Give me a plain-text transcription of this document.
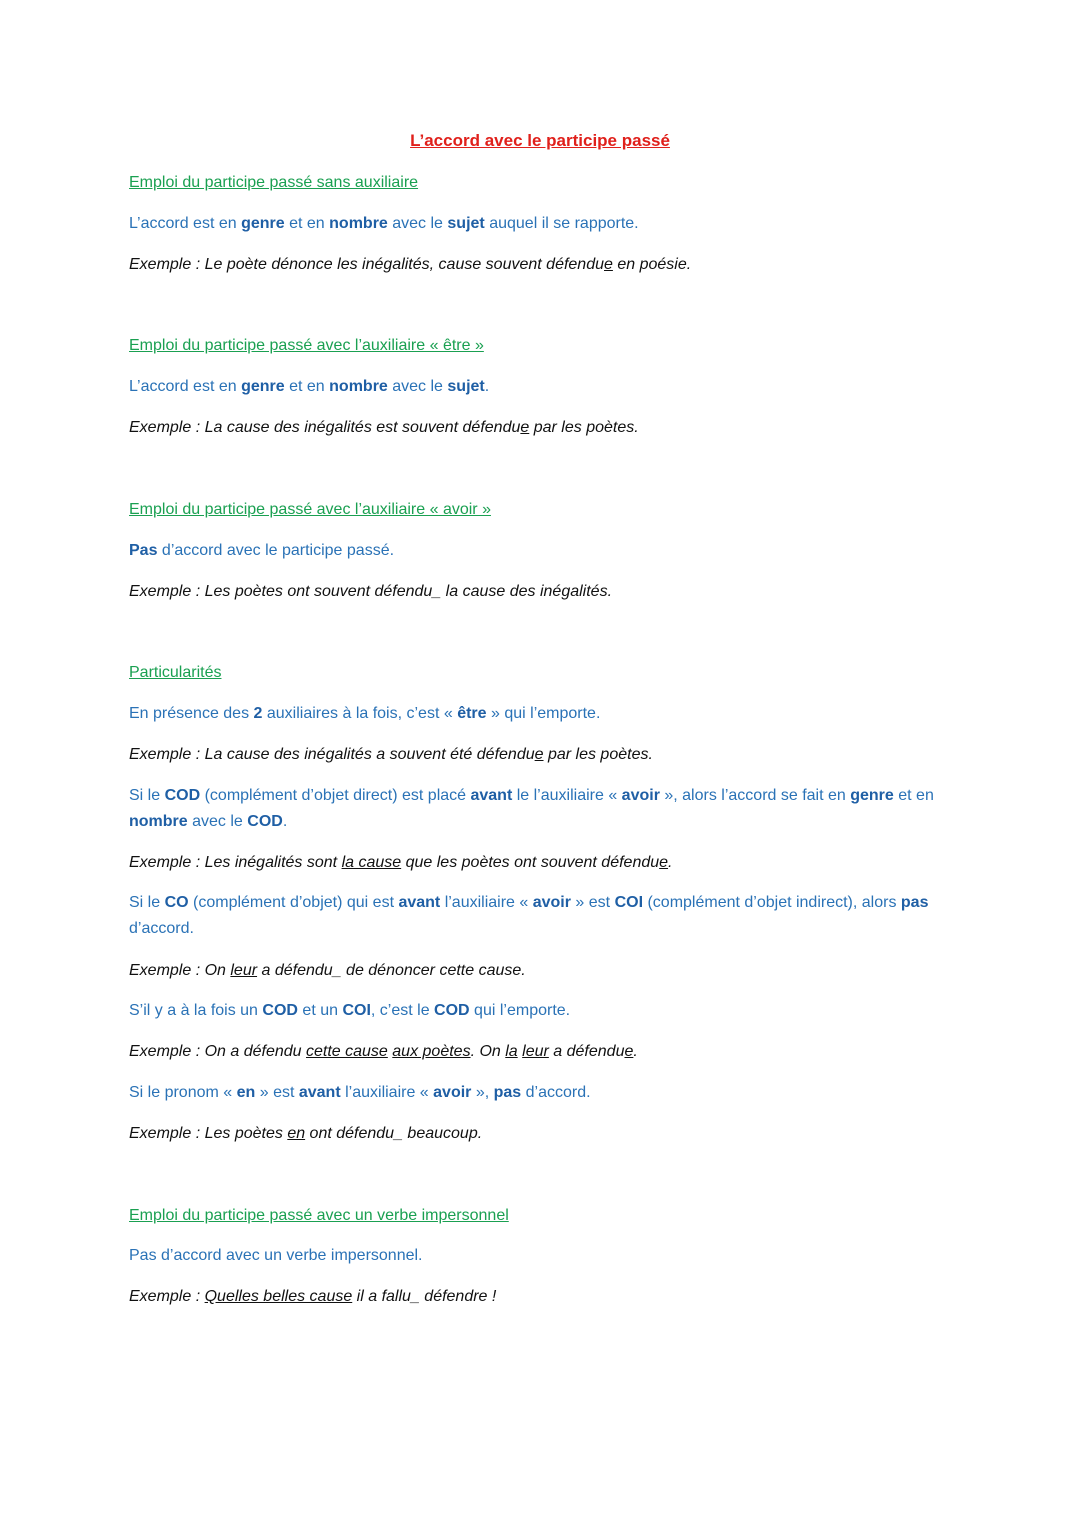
L’accord avec le participe passé
Emploi du participe passé sans auxiliaire
L’accord est en genre et en nombre avec le sujet auquel il se rapporte.
Exemple : Le poète dénonce les inégalités, cause souvent défendue en poésie.
Emploi du participe passé avec l’auxiliaire « être »
L’accord est en genre et en nombre avec le sujet.
Exemple : La cause des inégalités est souvent défendue par les poètes.
Emploi du participe passé avec l’auxiliaire « avoir »
Pas d’accord avec le participe passé.
Exemple : Les poètes ont souvent défendu_ la cause des inégalités.
Particularités
En présence des 2 auxiliaires à la fois, c’est « être » qui l’emporte.
Exemple : La cause des inégalités a souvent été défendue par les poètes.
Si le COD (complément d’objet direct) est placé avant le l’auxiliaire « avoir », alors l’accord se fait en genre et en nombre avec le COD.
Exemple : Les inégalités sont la cause que les poètes ont souvent défendue.
Si le CO (complément d’objet) qui est avant l’auxiliaire « avoir » est COI (complément d’objet indirect), alors pas d’accord.
Exemple : On leur a défendu_ de dénoncer cette cause.
S’il y a à la fois un COD et un COI, c’est le COD qui l’emporte.
Exemple : On a défendu cette cause aux poètes. On la leur a défendue.
Si le pronom « en » est avant l’auxiliaire « avoir », pas d’accord.
Exemple : Les poètes en ont défendu_ beaucoup.
Emploi du participe passé avec un verbe impersonnel
Pas d’accord avec un verbe impersonnel.
Exemple : Quelles belles cause il a fallu_ défendre !
